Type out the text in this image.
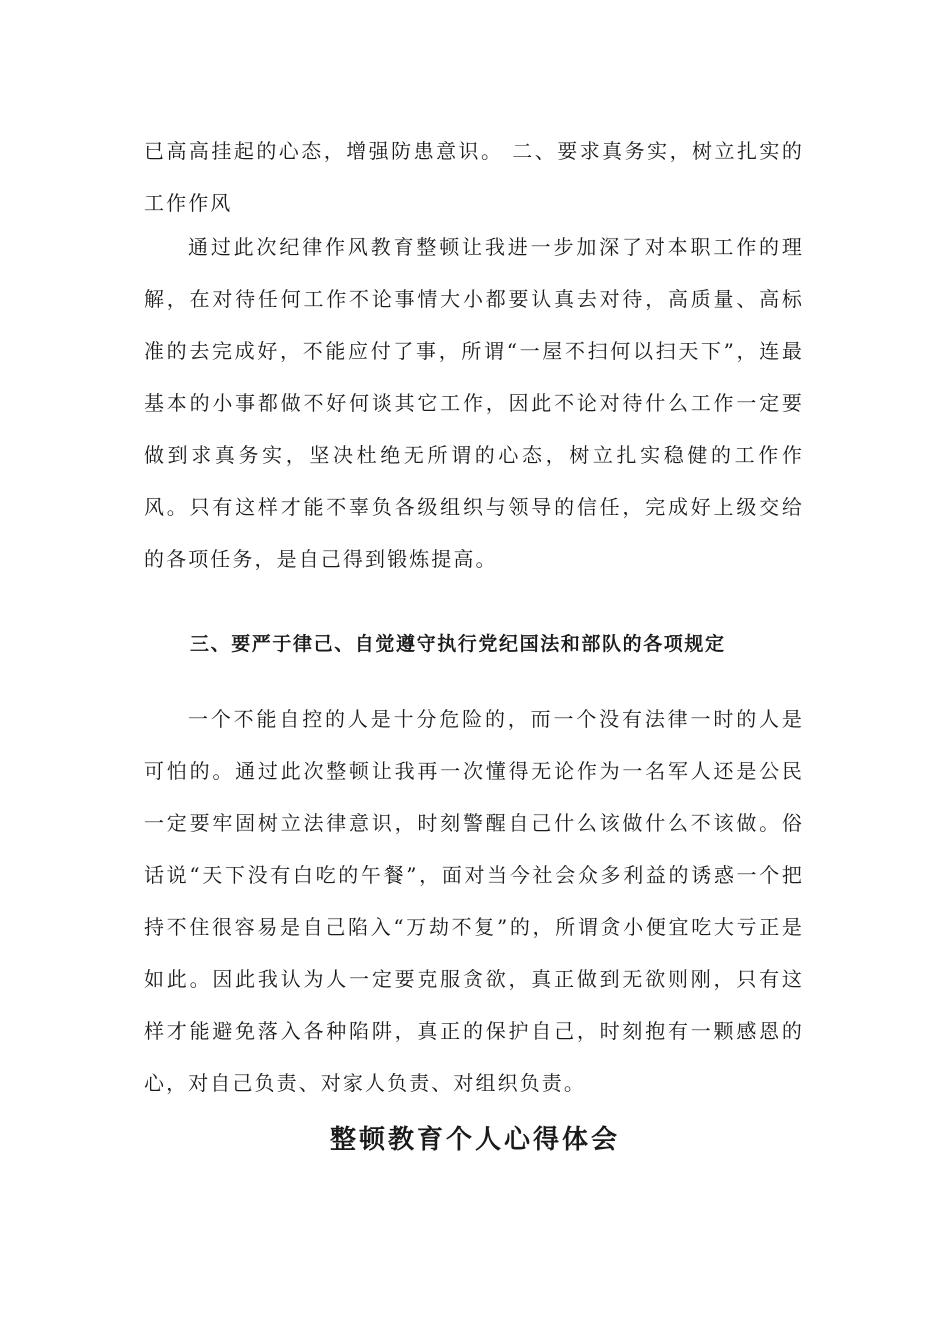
已高高挂起的心态，增强防患意识。 二、要求真务实，树立扎实的工作作风

通过此次纪律作风教育整顿让我进一步加深了对本职工作的理解，在对待任何工作不论事情大小都要认真去对待，高质量、高标准的去完成好，不能应付了事，所谓“一屋不扫何以扫天下”，连最基本的小事都做不好何谈其它工作，因此不论对待什么工作一定要做到求真务实，坚决杜绝无所谓的心态，树立扎实稳健的工作作风。只有这样才能不辜负各级组织与领导的信任，完成好上级交给的各项任务，是自己得到锻炼提高。

三、要严于律己、自觉遵守执行党纪国法和部队的各项规定

一个不能自控的人是十分危险的，而一个没有法律一时的人是可怕的。通过此次整顿让我再一次懂得无论作为一名军人还是公民一定要牢固树立法律意识，时刻警醒自己什么该做什么不该做。俗话说“天下没有白吃的午餐”，面对当今社会众多利益的诱惑一个把持不住很容易是自己陷入“万劫不复”的，所谓贪小便宜吃大亏正是如此。因此我认为人一定要克服贪欲，真正做到无欲则刚，只有这样才能避免落入各种陷阱，真正的保护自己，时刻抱有一颗感恩的心，对自己负责、对家人负责、对组织负责。

整顿教育个人心得体会
